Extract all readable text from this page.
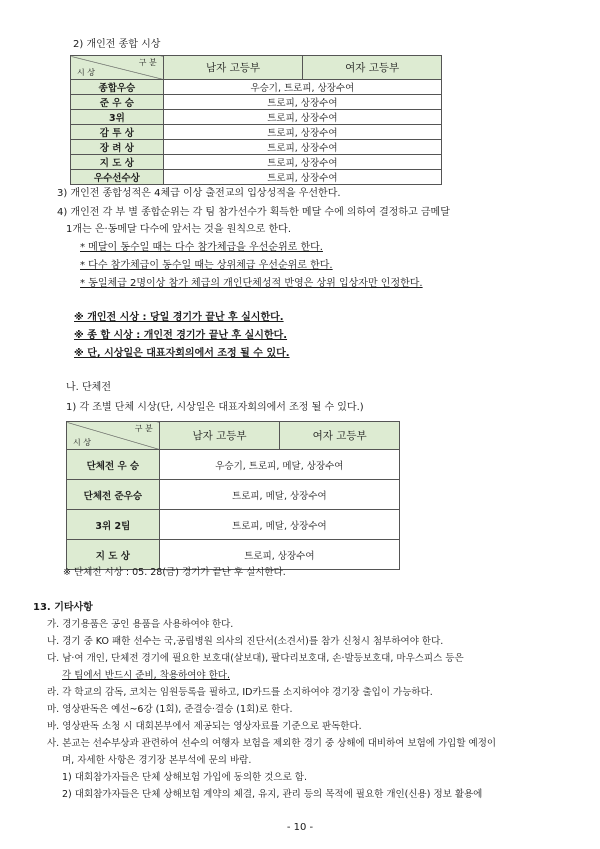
2) 개인전 종합 시상
구 분
시 상	남자 고등부	여자 고등부
종합우승	우승기, 트로피, 상장수여	
준 우 승	트로피, 상장수여	
3위	트로피, 상장수여	
감 투 상	트로피, 상장수여	
장 려 상	트로피, 상장수여	
지 도 상	트로피, 상장수여	
우수선수상	트로피, 상장수여	
3) 개인전 종합성적은 4체급 이상 출전교의 입상성적을 우선한다.
4) 개인전 각 부 별 종합순위는 각 팀 참가선수가 획득한 메달 수에 의하여 결정하고 금메달
1개는 은·동메달 다수에 앞서는 것을 원칙으로 한다.
* 메달이 동수일 때는 다수 참가체급을 우선순위로 한다.
* 다수 참가체급이 동수일 때는 상위체급 우선순위로 한다.
* 동일체급 2명이상 참가 체급의 개인단체성적 반영은 상위 입상자만 인정한다.
※ 개인전 시상 : 당일 경기가 끝난 후 실시한다.
※ 종 합 시상 : 개인전 경기가 끝난 후 실시한다.
※ 단, 시상일은 대표자회의에서 조정 될 수 있다.
나. 단체전
1) 각 조별 단체 시상(단, 시상일은 대표자회의에서 조정 될 수 있다.)
구 분
시 상	남자 고등부	여자 고등부
단체전 우 승	우승기, 트로피, 메달, 상장수여	
단체전 준우승	트로피, 메달, 상장수여	
3위 2팀	트로피, 메달, 상장수여	
지 도 상	트로피, 상장수여	
※ 단체전 시상 : 05. 28(금) 경기가 끝난 후 실시한다.
13. 기타사항
가. 경기용품은 공인 용품을 사용하여야 한다.
나. 경기 중 KO 패한 선수는 국,공립병원 의사의 진단서(소견서)를 참가 신청시 첨부하여야 한다.
다. 남·여 개인, 단체전 경기에 필요한 보호대(살보대), 팔다리보호대, 손·발등보호대, 마우스피스 등은
각 팀에서 반드시 준비, 착용하여야 한다.
라. 각 학교의 감독, 코치는 임원등록을 필하고, ID카드를 소지하여야 경기장 출입이 가능하다.
마. 영상판독은 예선~6강 (1회), 준결승·결승 (1회)로 한다.
바. 영상판독 소청 시 대회본부에서 제공되는 영상자료를 기준으로 판독한다.
사. 본교는 선수부상과 관련하여 선수의 여행자 보험을 제외한 경기 중 상해에 대비하여 보험에 가입할 예정이
며, 자세한 사항은 경기장 본부석에 문의 바람.
1) 대회참가자들은 단체 상해보험 가입에 동의한 것으로 함.
2) 대회참가자들은 단체 상해보험 계약의 체결, 유지, 관리 등의 목적에 필요한 개인(신용) 정보 활용에
- 10 -
